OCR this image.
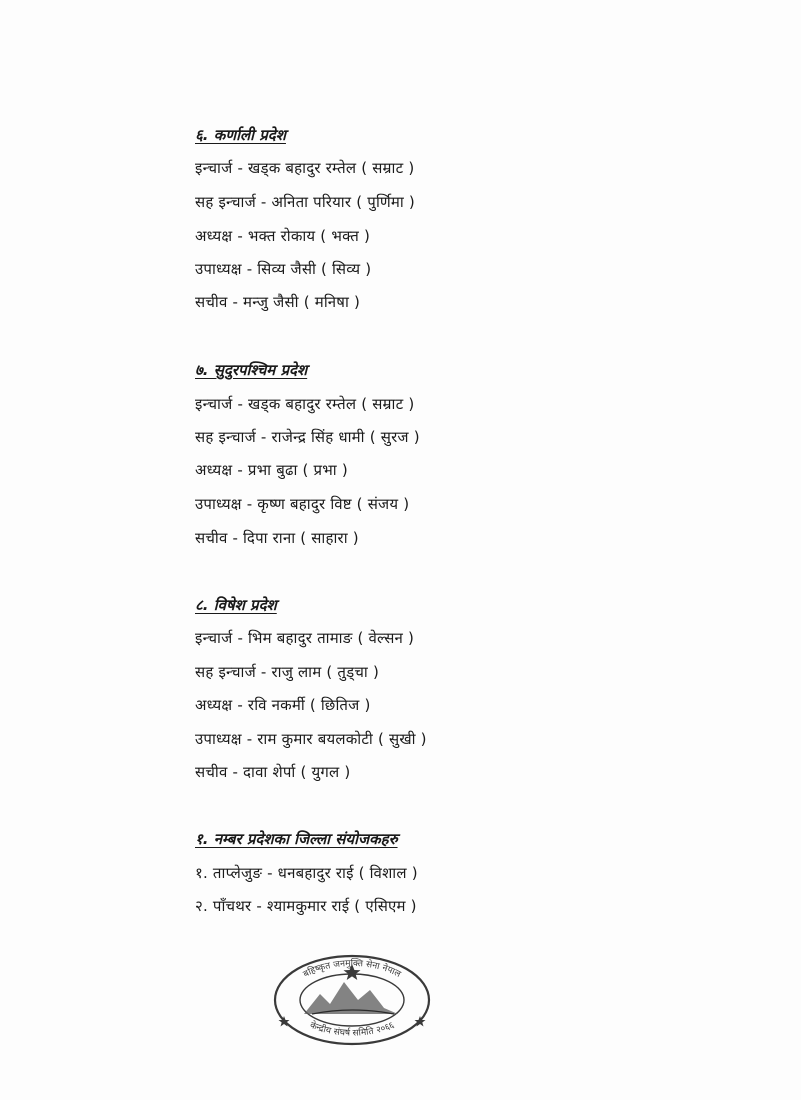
६. कर्णाली प्रदेश
इन्चार्ज - खड्क बहादुर रम्तेल ( सम्राट )
सह इन्चार्ज - अनिता परियार ( पुर्णिमा )
अध्यक्ष - भक्त रोकाय ( भक्त )
उपाध्यक्ष - सिव्य जैसी ( सिव्य )
सचीव - मन्जु जैसी ( मनिषा )
७. सुदुरपश्चिम प्रदेश
इन्चार्ज - खड्क बहादुर रम्तेल ( सम्राट )
सह इन्चार्ज - राजेन्द्र सिंह धामी ( सुरज )
अध्यक्ष - प्रभा बुढा ( प्रभा )
उपाध्यक्ष - कृष्ण बहादुर विष्ट ( संजय )
सचीव - दिपा राना ( साहारा )
८. विषेश प्रदेश
इन्चार्ज - भिम बहादुर तामाङ ( वेल्सन )
सह इन्चार्ज - राजु लाम ( तुड्चा )
अध्यक्ष - रवि नकर्मी ( छितिज )
उपाध्यक्ष - राम कुमार बयलकोटी ( सुखी )
सचीव - दावा शेर्पा ( युगल )
१. नम्बर प्रदेशका जिल्ला संयोजकहरु
१. ताप्लेजुङ - धनबहादुर राई ( विशाल )
२. पाँचथर - श्यामकुमार राई ( एसिएम )
बहिष्कृत जनमुक्ति सेना नेपाल
केन्द्रीय संघर्ष समिति २०६६
